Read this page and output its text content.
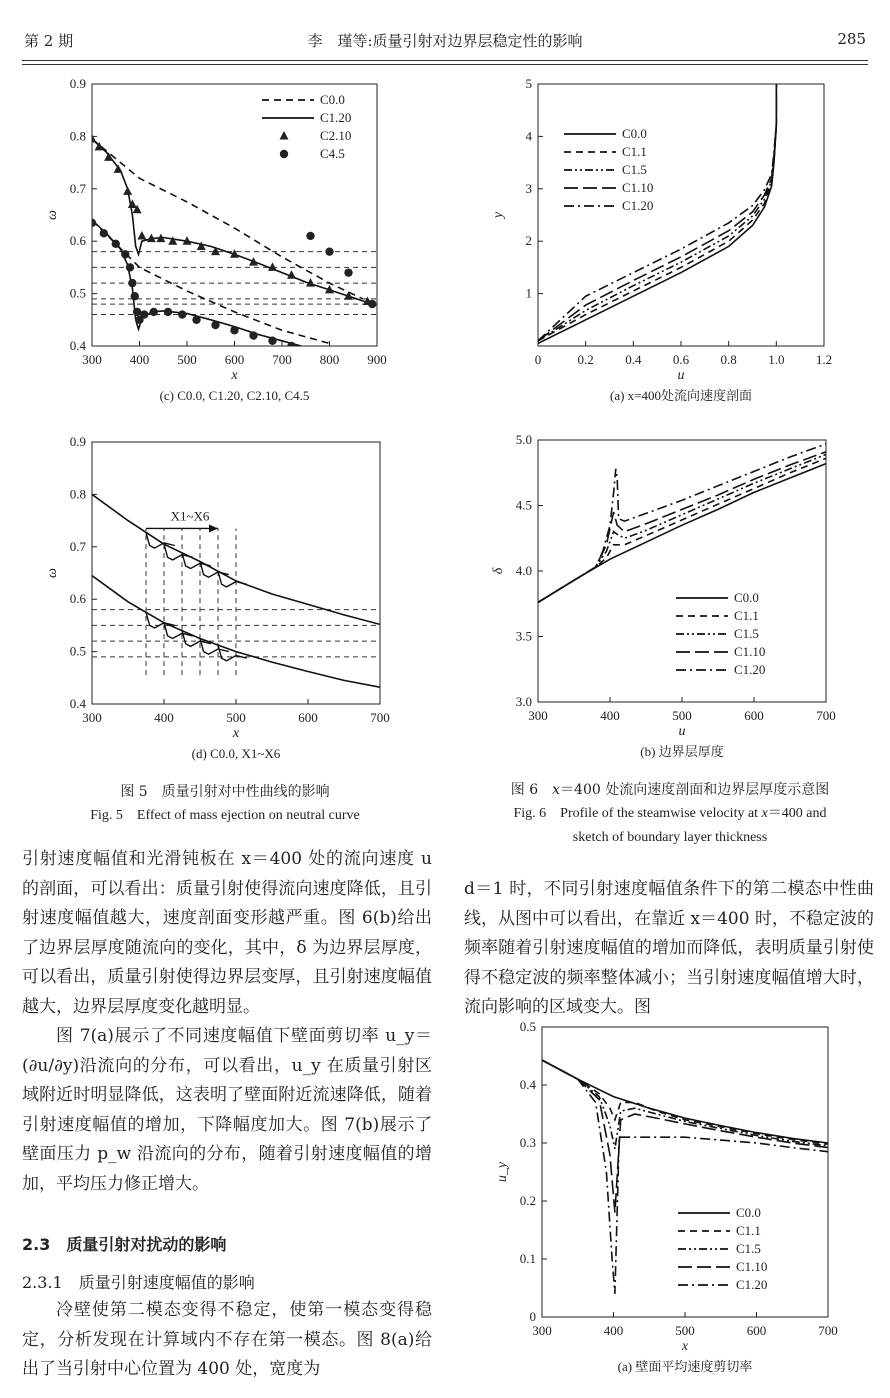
第 2 期	李　瑾等:质量引射对边界层稳定性的影响	285
300 400 500 600 700 800 900
0.4
0.5
0.6
0.7
0.8
0.9
x
ω
(c) C0.0, C1.20, C2.10, C4.5
C0.0
C1.20
C2.10
C4.5
300	400	500	600	700
0.4
0.5
0.6
0.7
0.8
0.9
x
ω
(d) C0.0, X1~X6
X1~X6
0	0.2 0.4 0.6 0.8 1.0 1.2
1
2
3
4
5
u
y
(a) x=400处流向速度剖面
C0.0
C1.1
C1.5
C1.10
C1.20
300	400	500	600	700
3.0
3.5
4.0
4.5
5.0
u
δ
(b) 边界层厚度
C0.0
C1.1
C1.5
C1.10
C1.20
300	400	500	600	700
0
0.1
0.2
0.3
0.4
0.5
x
u_y
(a) 壁面平均速度剪切率
C0.0
C1.1
C1.5
C1.10
C1.20
图 5　质量引射对中性曲线的影响
Fig. 5　Effect of mass ejection on neutral curve
图 6　x＝400 处流向速度剖面和边界层厚度示意图
Fig. 6　Profile of the steamwise velocity at x＝400 and
sketch of boundary layer thickness
引射速度幅值和光滑钝板在 x＝400 处的流向速度 u 的剖面，可以看出：质量引射使得流向速度降低，且引射速度幅值越大，速度剖面变形越严重。图 6(b)给出了边界层厚度随流向的变化，其中，δ 为边界层厚度，可以看出，质量引射使得边界层变厚，且引射速度幅值越大，边界层厚度变化越明显。
图 7(a)展示了不同速度幅值下壁面剪切率 u_y＝(∂u/∂y)沿流向的分布，可以看出，u_y 在质量引射区域附近时明显降低，这表明了壁面附近流速降低，随着引射速度幅值的增加，下降幅度加大。图 7(b)展示了壁面压力 p_w 沿流向的分布，随着引射速度幅值的增加，平均压力修正增大。
2.3　质量引射对扰动的影响
2.3.1　质量引射速度幅值的影响
冷壁使第二模态变得不稳定，使第一模态变得稳定，分析发现在计算域内不存在第一模态。图 8(a)给出了当引射中心位置为 400 处，宽度为
d＝1 时，不同引射速度幅值条件下的第二模态中性曲线，从图中可以看出，在靠近 x＝400 时，不稳定波的频率随着引射速度幅值的增加而降低，表明质量引射使得不稳定波的频率整体减小；当引射速度幅值增大时，流向影响的区域变大。图
